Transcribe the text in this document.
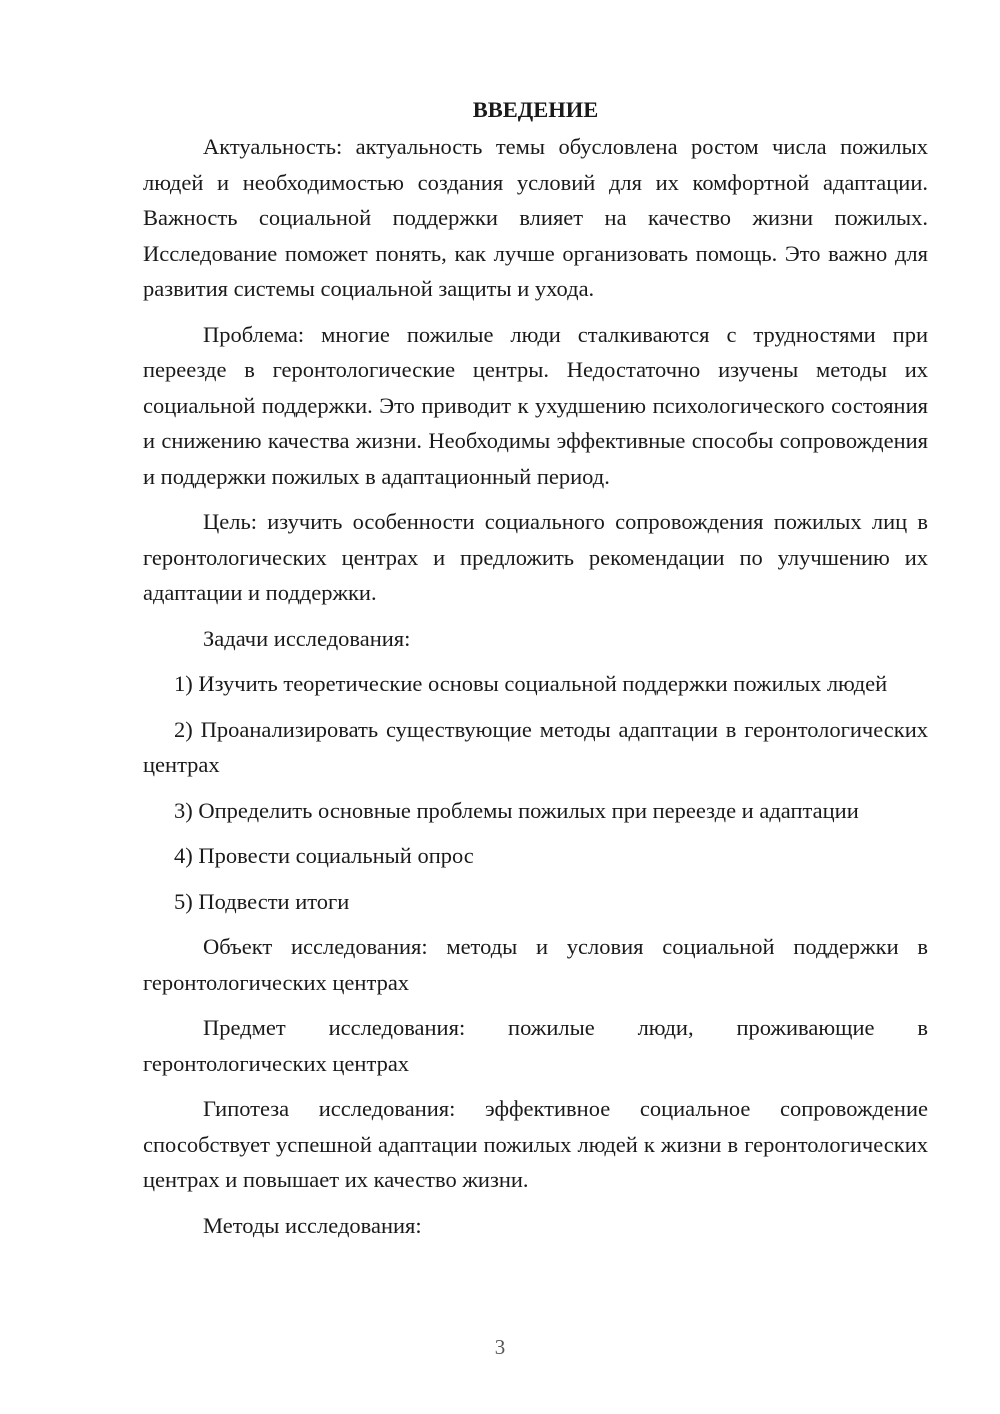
ВВЕДЕНИЕ

Актуальность: актуальность темы обусловлена ростом числа пожилых людей и необходимостью создания условий для их комфортной адаптации. Важность социальной поддержки влияет на качество жизни пожилых. Исследование поможет понять, как лучше организовать помощь. Это важно для развития системы социальной защиты и ухода.

Проблема: многие пожилые люди сталкиваются с трудностями при переезде в геронтологические центры. Недостаточно изучены методы их социальной поддержки. Это приводит к ухудшению психологического состояния и снижению качества жизни. Необходимы эффективные способы сопровождения и поддержки пожилых в адаптационный период.

Цель: изучить особенности социального сопровождения пожилых лиц в геронтологических центрах и предложить рекомендации по улучшению их адаптации и поддержки.

Задачи исследования:

1) Изучить теоретические основы социальной поддержки пожилых людей

2) Проанализировать существующие методы адаптации в геронтологических центрах

3) Определить основные проблемы пожилых при переезде и адаптации

4) Провести социальный опрос

5) Подвести итоги

Объект исследования: методы и условия социальной поддержки в геронтологических центрах

Предмет исследования: пожилые люди, проживающие в геронтологических центрах

Гипотеза исследования: эффективное социальное сопровождение способствует успешной адаптации пожилых людей к жизни в геронтологических центрах и повышает их качество жизни.

Методы исследования:

3
